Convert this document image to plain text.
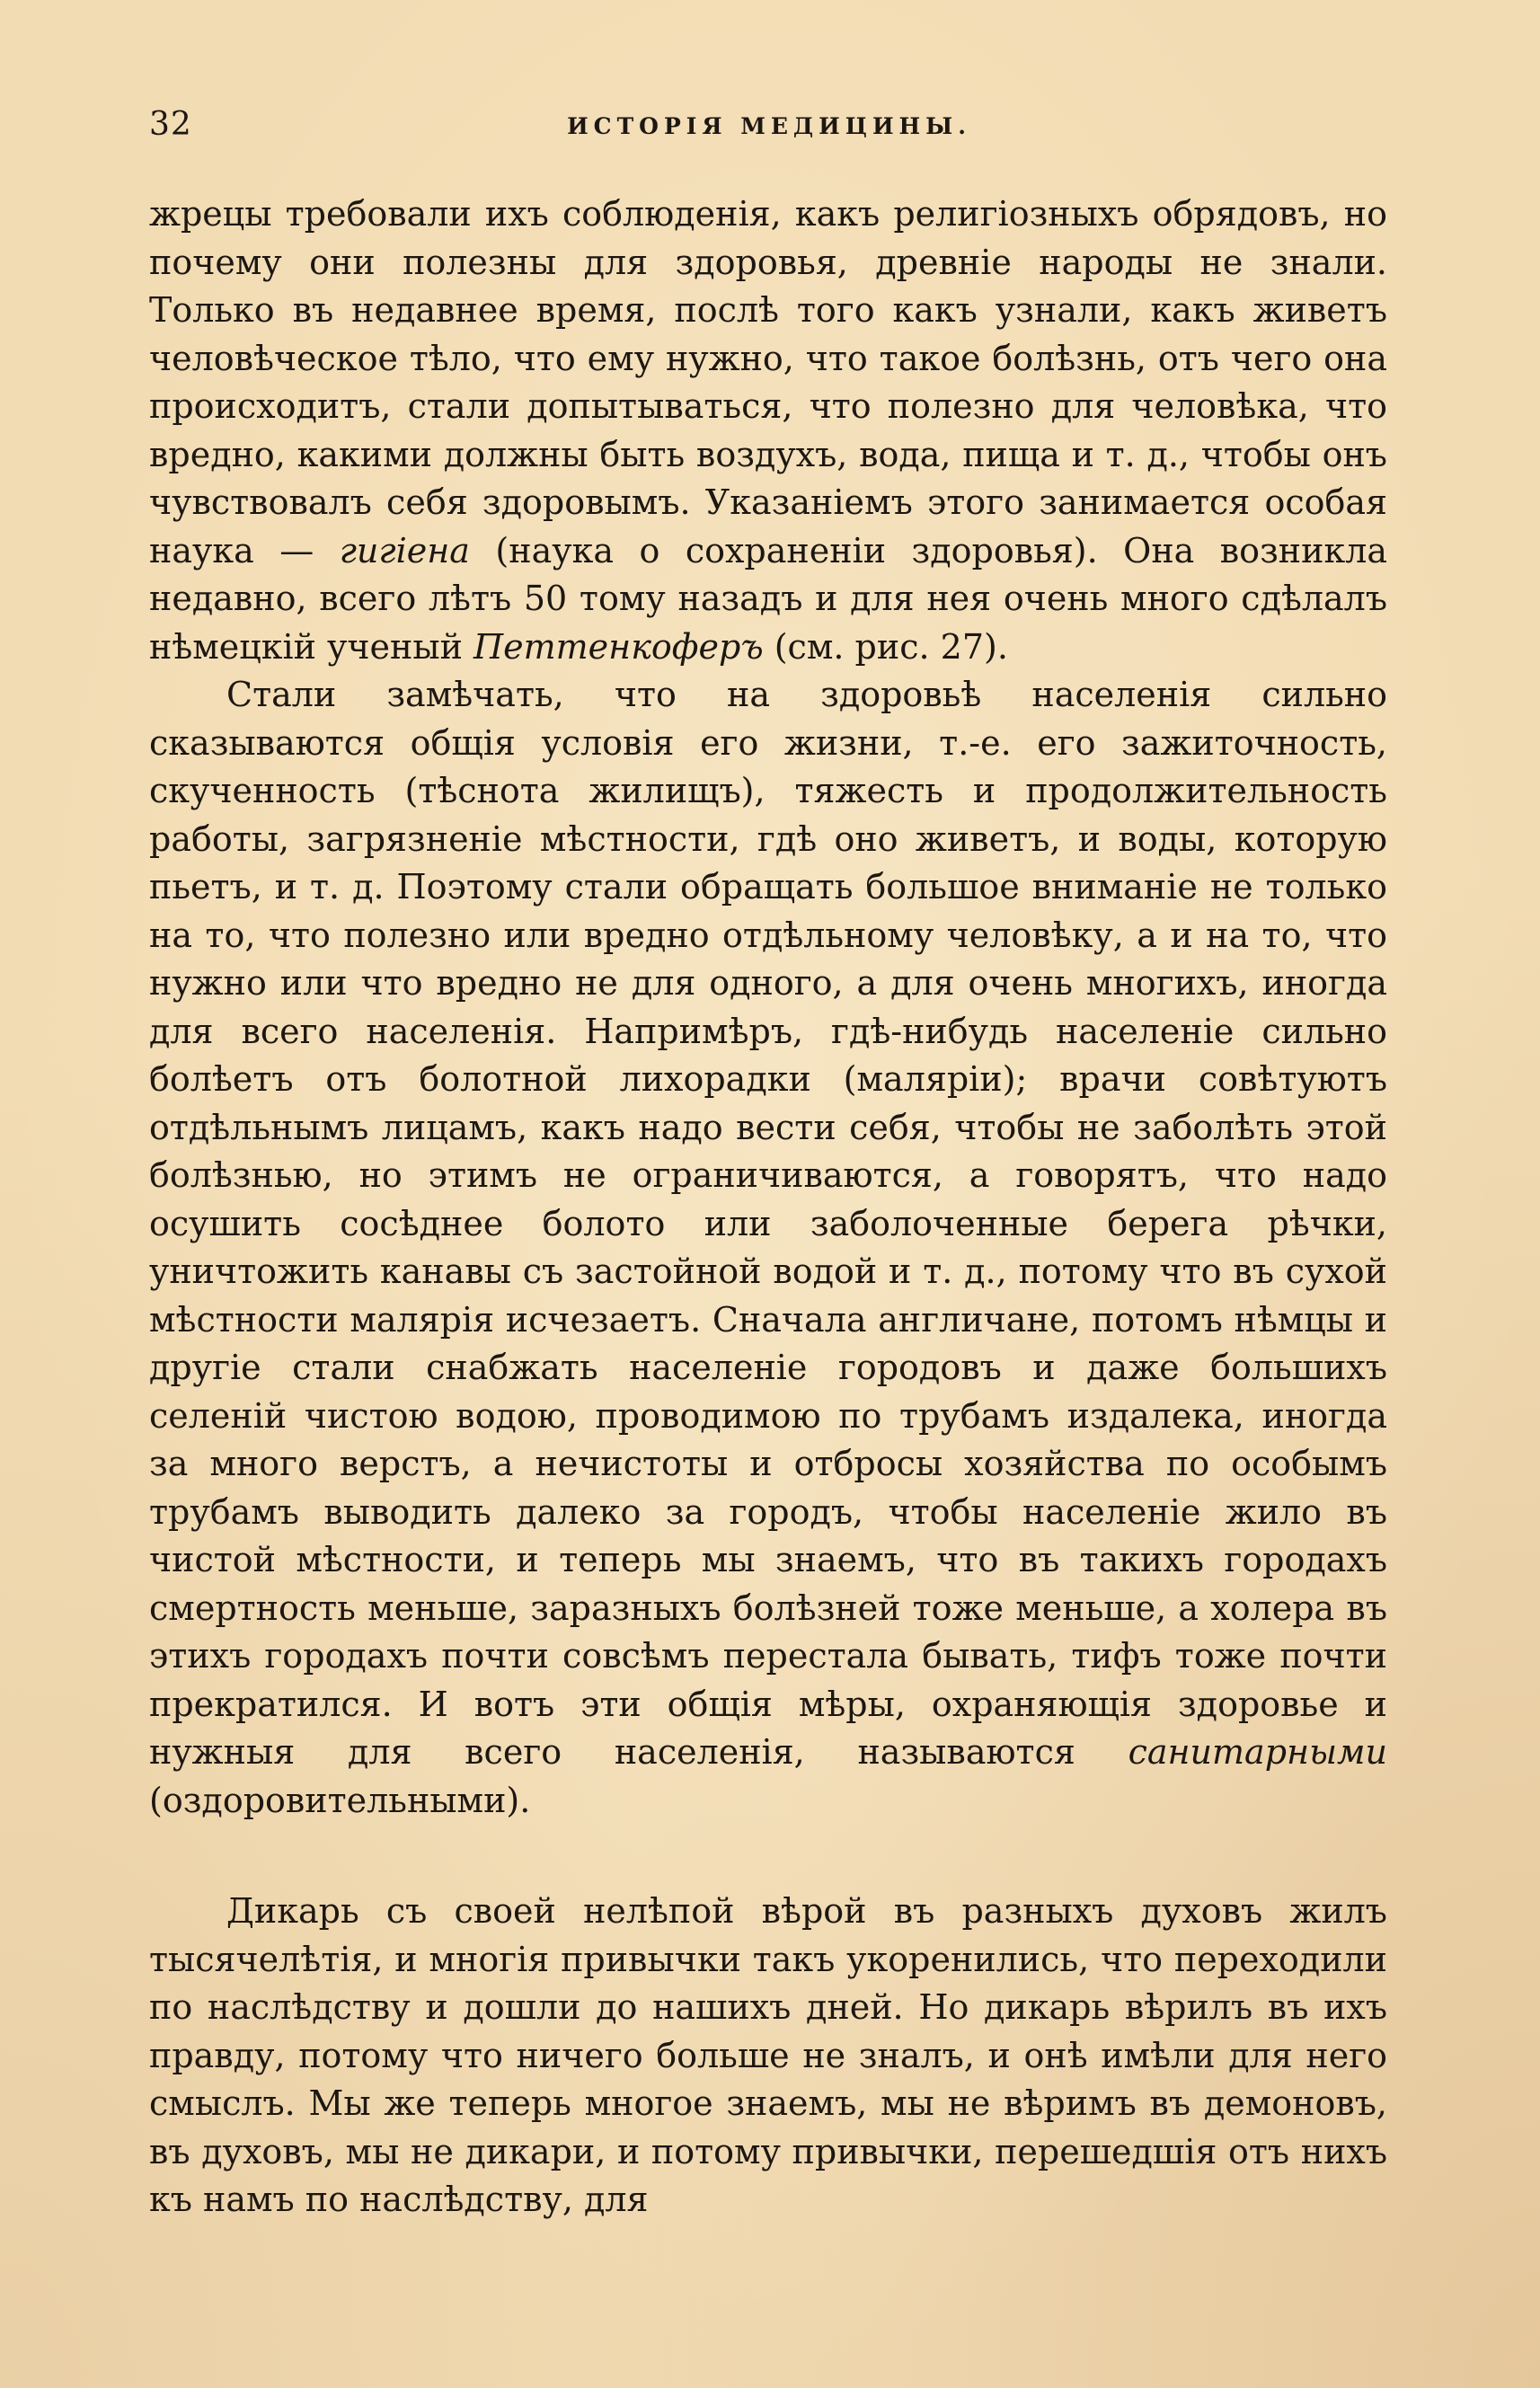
32	ИСТОРІЯ МЕДИЦИНЫ.

жрецы требовали ихъ соблюденія, какъ религіозныхъ обрядовъ, но почему они полезны для здоровья, древніе народы не знали. Только въ недавнее время, послѣ того какъ узнали, какъ живетъ человѣческое тѣло, что ему нужно, что такое болѣзнь, отъ чего она происходитъ, стали допытываться, что полезно для человѣка, что вредно, какими должны быть воздухъ, вода, пища и т. д., чтобы онъ чувствовалъ себя здоровымъ. Указаніемъ этого занимается особая наука — гигіена (наука о сохраненіи здоровья). Она возникла недавно, всего лѣтъ 50 тому назадъ и для нея очень много сдѣлалъ нѣмецкій ученый Петтенкоферъ (см. рис. 27).

Стали замѣчать, что на здоровьѣ населенія сильно сказываются общія условія его жизни, т.-е. его зажиточность, скученность (тѣснота жилищъ), тяжесть и продолжительность работы, загрязненіе мѣстности, гдѣ оно живетъ, и воды, которую пьетъ, и т. д. Поэтому стали обращать большое вниманіе не только на то, что полезно или вредно отдѣльному человѣку, а и на то, что нужно или что вредно не для одного, а для очень многихъ, иногда для всего населенія. Напримѣръ, гдѣ-нибудь населеніе сильно болѣетъ отъ болотной лихорадки (маляріи); врачи совѣтуютъ отдѣльнымъ лицамъ, какъ надо вести себя, чтобы не заболѣть этой болѣзнью, но этимъ не ограничиваются, а говорятъ, что надо осушить сосѣднее болото или заболоченные берега рѣчки, уничтожить канавы съ застойной водой и т. д., потому что въ сухой мѣстности малярія исчезаетъ. Сначала англичане, потомъ нѣмцы и другіе стали снабжать населеніе городовъ и даже большихъ селеній чистою водою, проводимою по трубамъ издалека, иногда за много верстъ, а нечистоты и отбросы хозяйства по особымъ трубамъ выводить далеко за городъ, чтобы населеніе жило въ чистой мѣстности, и теперь мы знаемъ, что въ такихъ городахъ смертность меньше, заразныхъ болѣзней тоже меньше, а холера въ этихъ городахъ почти совсѣмъ перестала бывать, тифъ тоже почти прекратился. И вотъ эти общія мѣры, охраняющія здоровье и нужныя для всего населенія, называются санитарными (оздоровительными).

Дикарь съ своей нелѣпой вѣрой въ разныхъ духовъ жилъ тысячелѣтія, и многія привычки такъ укоренились, что переходили по наслѣдству и дошли до нашихъ дней. Но дикарь вѣрилъ въ ихъ правду, потому что ничего больше не зналъ, и онѣ имѣли для него смыслъ. Мы же теперь многое знаемъ, мы не вѣримъ въ демоновъ, въ духовъ, мы не дикари, и потому привычки, перешедшія отъ нихъ къ намъ по наслѣдству, для
